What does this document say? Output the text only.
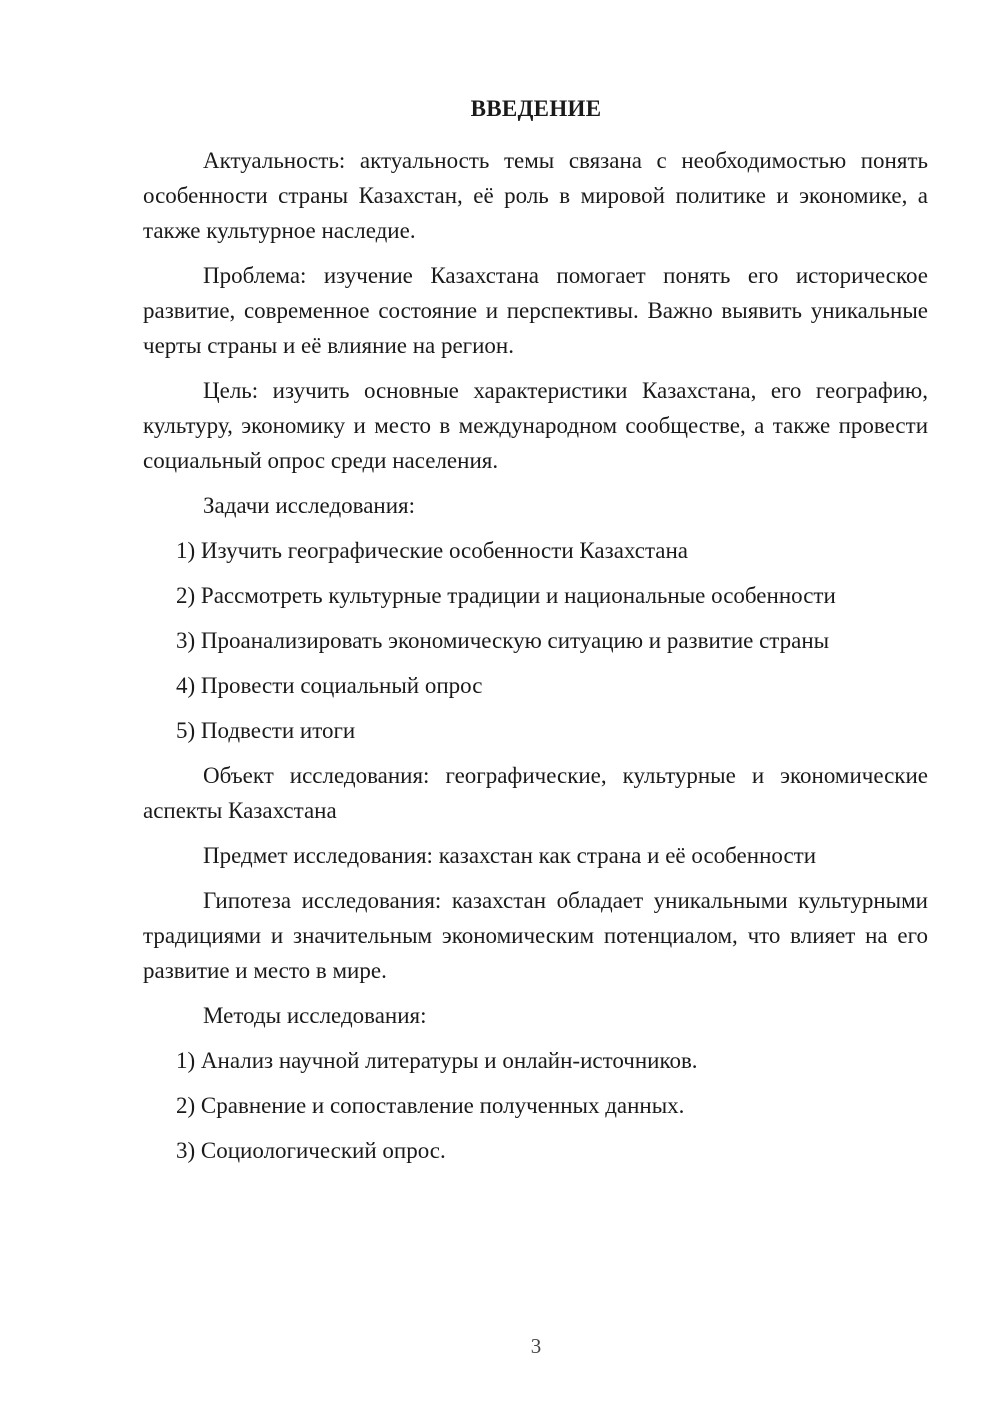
ВВЕДЕНИЕ

Актуальность: актуальность темы связана с необходимостью понять особенности страны Казахстан, её роль в мировой политике и экономике, а также культурное наследие.

Проблема: изучение Казахстана помогает понять его историческое развитие, современное состояние и перспективы. Важно выявить уникальные черты страны и её влияние на регион.

Цель: изучить основные характеристики Казахстана, его географию, культуру, экономику и место в международном сообществе, а также провести социальный опрос среди населения.

Задачи исследования:

1) Изучить географические особенности Казахстана
2) Рассмотреть культурные традиции и национальные особенности
3) Проанализировать экономическую ситуацию и развитие страны
4) Провести социальный опрос
5) Подвести итоги

Объект исследования: географические, культурные и экономические аспекты Казахстана

Предмет исследования: казахстан как страна и её особенности

Гипотеза исследования: казахстан обладает уникальными культурными традициями и значительным экономическим потенциалом, что влияет на его развитие и место в мире.

Методы исследования:

1) Анализ научной литературы и онлайн-источников.
2) Сравнение и сопоставление полученных данных.
3) Социологический опрос.
3
